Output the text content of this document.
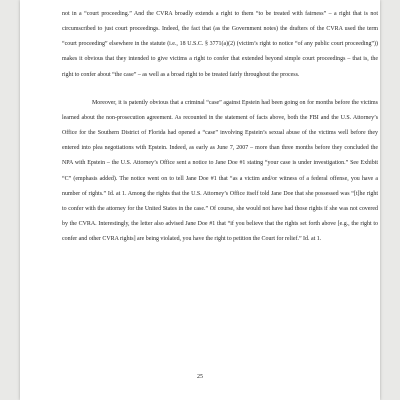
not in a “court proceeding.” And the CVRA broadly extends a right to them “to be treated with fairness” – a right that is not circumscribed to just court proceedings. Indeed, the fact that (as the Government notes) the drafters of the CVRA used the term “court proceeding” elsewhere in the statute (i.e., 18 U.S.C. § 3771(a)(2) (victim’s right to notice “of any public court proceeding”)) makes it obvious that they intended to give victims a right to confer that extended beyond simple court proceedings – that is, the right to confer about “the case” – as well as a broad right to be treated fairly throughout the process.

Moreover, it is patently obvious that a criminal “case” against Epstein had been going on for months before the victims learned about the non-prosecution agreement. As recounted in the statement of facts above, both the FBI and the U.S. Attorney’s Office for the Southern District of Florida had opened a “case” involving Epstein’s sexual abuse of the victims well before they entered into plea negotiations with Epstein. Indeed, as early as June 7, 2007 – more than three months before they concluded the NPA with Epstein – the U.S. Attorney’s Office sent a notice to Jane Doe #1 stating “your case is under investigation.” See Exhibit “C” (emphasis added). The notice went on to tell Jane Doe #1 that “as a victim and/or witness of a federal offense, you have a number of rights.” Id. at 1. Among the rights that the U.S. Attorney’s Office itself told Jane Doe that she possessed was “[t]he right to confer with the attorney for the United States in the case.” Of course, she would not have had those rights if she was not covered by the CVRA. Interestingly, the letter also advised Jane Doe #1 that “if you believe that the rights set forth above [e.g., the right to confer and other CVRA rights] are being violated, you have the right to petition the Court for relief.” Id. at 1.

25
